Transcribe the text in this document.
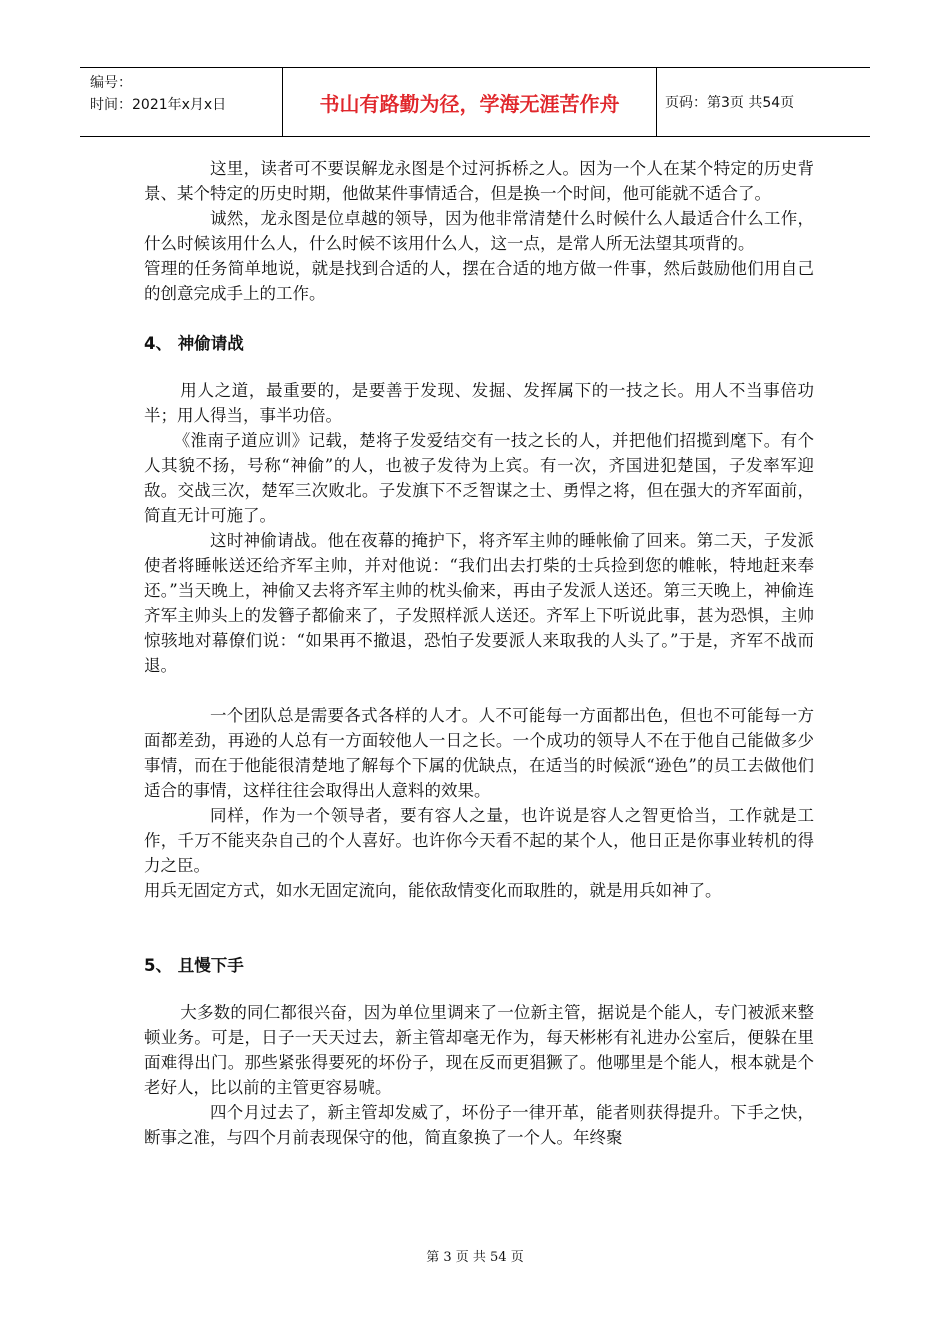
编号：
时间：2021年x月x日	书山有路勤为径，学海无涯苦作舟	页码：第3页 共54页

这里，读者可不要误解龙永图是个过河拆桥之人。因为一个人在某个特定的历史背景、某个特定的历史时期，他做某件事情适合，但是换一个时间，他可能就不适合了。

诚然，龙永图是位卓越的领导，因为他非常清楚什么时候什么人最适合什么工作，什么时候该用什么人，什么时候不该用什么人，这一点，是常人所无法望其项背的。

管理的任务简单地说，就是找到合适的人，摆在合适的地方做一件事，然后鼓励他们用自己的创意完成手上的工作。

4、 神偷请战

用人之道，最重要的，是要善于发现、发掘、发挥属下的一技之长。用人不当事倍功半；用人得当，事半功倍。

《淮南子道应训》记载，楚将子发爱结交有一技之长的人，并把他们招揽到麾下。有个人其貌不扬，号称“神偷”的人，也被子发待为上宾。有一次，齐国进犯楚国，子发率军迎敌。交战三次，楚军三次败北。子发旗下不乏智谋之士、勇悍之将，但在强大的齐军面前，简直无计可施了。

这时神偷请战。他在夜幕的掩护下，将齐军主帅的睡帐偷了回来。第二天，子发派使者将睡帐送还给齐军主帅，并对他说：“我们出去打柴的士兵捡到您的帷帐，特地赶来奉还。”当天晚上，神偷又去将齐军主帅的枕头偷来，再由子发派人送还。第三天晚上，神偷连齐军主帅头上的发簪子都偷来了，子发照样派人送还。齐军上下听说此事，甚为恐惧，主帅惊骇地对幕僚们说：“如果再不撤退，恐怕子发要派人来取我的人头了。”于是，齐军不战而退。

一个团队总是需要各式各样的人才。人不可能每一方面都出色，但也不可能每一方面都差劲，再逊的人总有一方面较他人一日之长。一个成功的领导人不在于他自己能做多少事情，而在于他能很清楚地了解每个下属的优缺点，在适当的时候派“逊色”的员工去做他们适合的事情，这样往往会取得出人意料的效果。

同样，作为一个领导者，要有容人之量，也许说是容人之智更恰当，工作就是工作，千万不能夹杂自己的个人喜好。也许你今天看不起的某个人，他日正是你事业转机的得力之臣。

用兵无固定方式，如水无固定流向，能依敌情变化而取胜的，就是用兵如神了。

5、 且慢下手

大多数的同仁都很兴奋，因为单位里调来了一位新主管，据说是个能人，专门被派来整顿业务。可是，日子一天天过去，新主管却毫无作为，每天彬彬有礼进办公室后，便躲在里面难得出门。那些紧张得要死的坏份子，现在反而更猖獗了。他哪里是个能人，根本就是个老好人，比以前的主管更容易唬。

四个月过去了，新主管却发威了，坏份子一律开革，能者则获得提升。下手之快，断事之准，与四个月前表现保守的他，简直象换了一个人。年终聚

第 3 页 共 54 页
